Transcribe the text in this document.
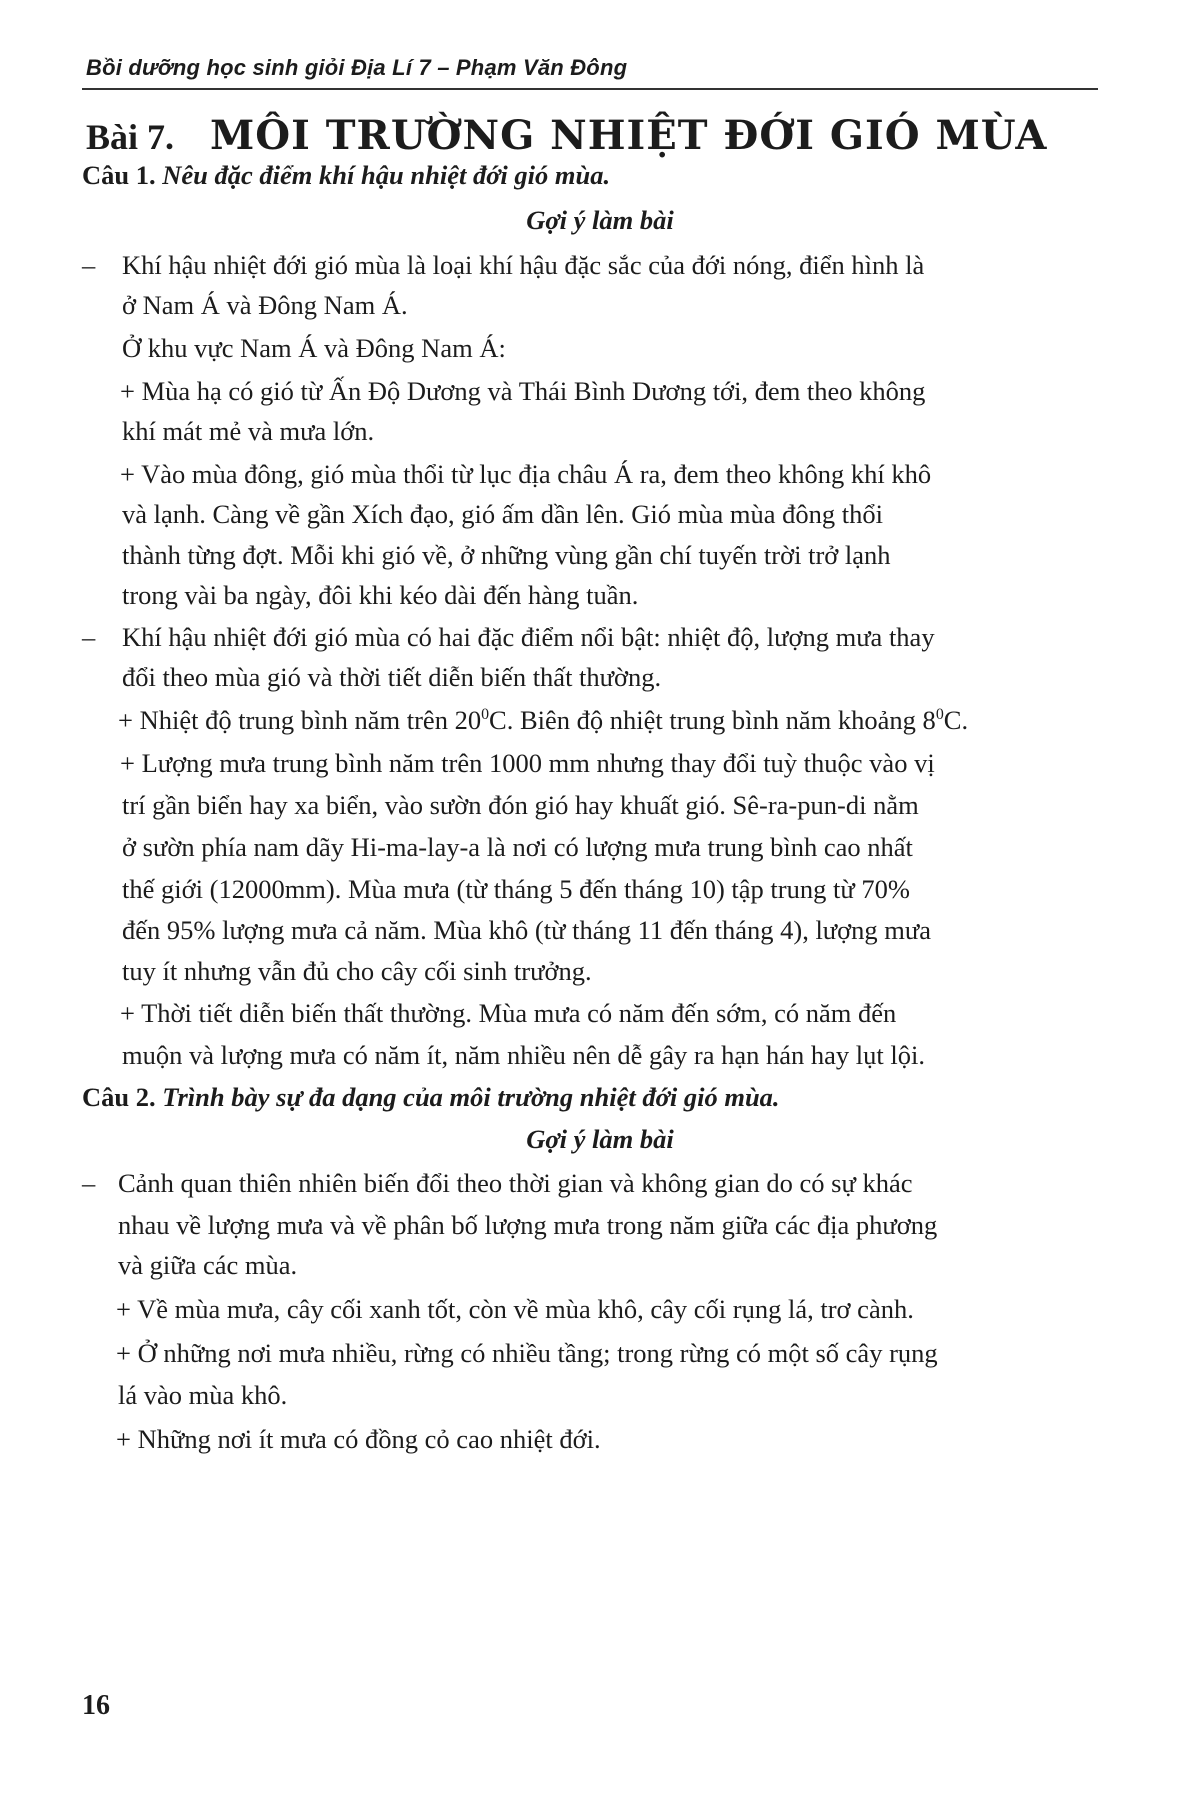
Bồi dưỡng học sinh giỏi Địa Lí 7 – Phạm Văn Đông
Bài 7. MÔI TRƯỜNG NHIỆT ĐỚI GIÓ MÙA
Câu 1. Nêu đặc điểm khí hậu nhiệt đới gió mùa.
Gợi ý làm bài
– Khí hậu nhiệt đới gió mùa là loại khí hậu đặc sắc của đới nóng, điển hình là
ở Nam Á và Đông Nam Á.
Ở khu vực Nam Á và Đông Nam Á:
+ Mùa hạ có gió từ Ấn Độ Dương và Thái Bình Dương tới, đem theo không
khí mát mẻ và mưa lớn.
+ Vào mùa đông, gió mùa thổi từ lục địa châu Á ra, đem theo không khí khô
và lạnh. Càng về gần Xích đạo, gió ấm dần lên. Gió mùa mùa đông thổi
thành từng đợt. Mỗi khi gió về, ở những vùng gần chí tuyến trời trở lạnh
trong vài ba ngày, đôi khi kéo dài đến hàng tuần.
– Khí hậu nhiệt đới gió mùa có hai đặc điểm nổi bật: nhiệt độ, lượng mưa thay
đổi theo mùa gió và thời tiết diễn biến thất thường.
+ Nhiệt độ trung bình năm trên $20^0C$. Biên độ nhiệt trung bình năm khoảng $8^0C$.
+ Lượng mưa trung bình năm trên 1000 mm nhưng thay đổi tuỳ thuộc vào vị
trí gần biển hay xa biển, vào sườn đón gió hay khuất gió. Sê-ra-pun-di nằm
ở sườn phía nam dãy Hi-ma-lay-a là nơi có lượng mưa trung bình cao nhất
thế giới (12000mm). Mùa mưa (từ tháng 5 đến tháng 10) tập trung từ 70%
đến 95% lượng mưa cả năm. Mùa khô (từ tháng 11 đến tháng 4), lượng mưa
tuy ít nhưng vẫn đủ cho cây cối sinh trưởng.
+ Thời tiết diễn biến thất thường. Mùa mưa có năm đến sớm, có năm đến
muộn và lượng mưa có năm ít, năm nhiều nên dễ gây ra hạn hán hay lụt lội.
Câu 2. Trình bày sự đa dạng của môi trường nhiệt đới gió mùa.
Gợi ý làm bài
– Cảnh quan thiên nhiên biến đổi theo thời gian và không gian do có sự khác
nhau về lượng mưa và về phân bố lượng mưa trong năm giữa các địa phương
và giữa các mùa.
+ Về mùa mưa, cây cối xanh tốt, còn về mùa khô, cây cối rụng lá, trơ cành.
+ Ở những nơi mưa nhiều, rừng có nhiều tầng; trong rừng có một số cây rụng
lá vào mùa khô.
+ Những nơi ít mưa có đồng cỏ cao nhiệt đới.
16
